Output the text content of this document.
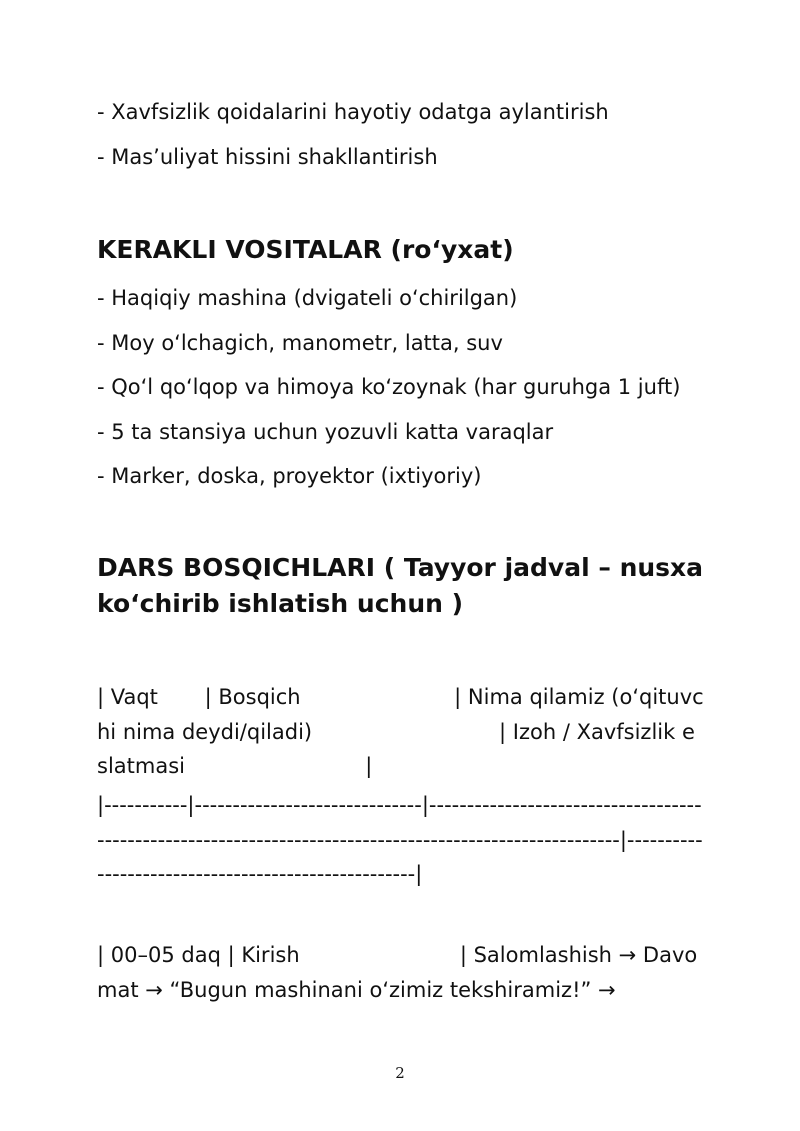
- Xavfsizlik qoidalarini hayotiy odatga aylantirish
- Mas’uliyat hissini shakllantirish
KERAKLI VOSITALAR (ro‘yxat)
- Haqiqiy mashina (dvigateli o‘chirilgan)
- Moy o‘lchagich, manometr, latta, suv
- Qo‘l qo‘lqop va himoya ko‘zoynak (har guruhga 1 juft)
- 5 ta stansiya uchun yozuvli katta varaqlar
- Marker, doska, proyektor (ixtiyoriy)
DARS BOSQICHLARI ( Tayyor jadval – nusxa ko‘chirib ishlatish uchun )
| Vaqt       | Bosqich                       | Nima qilamiz (o‘qituvchi nima deydi/qiladi)                            | Izoh / Xavfsizlik eslatmasi                           |
|-----------|------------------------------|---------------------------------------------------------------------------------------------------------|----------------------------------------------------|
| 00–05 daq | Kirish                        | Salomlashish → Davomat → “Bugun mashinani o‘zimiz tekshiramiz!” →
2
